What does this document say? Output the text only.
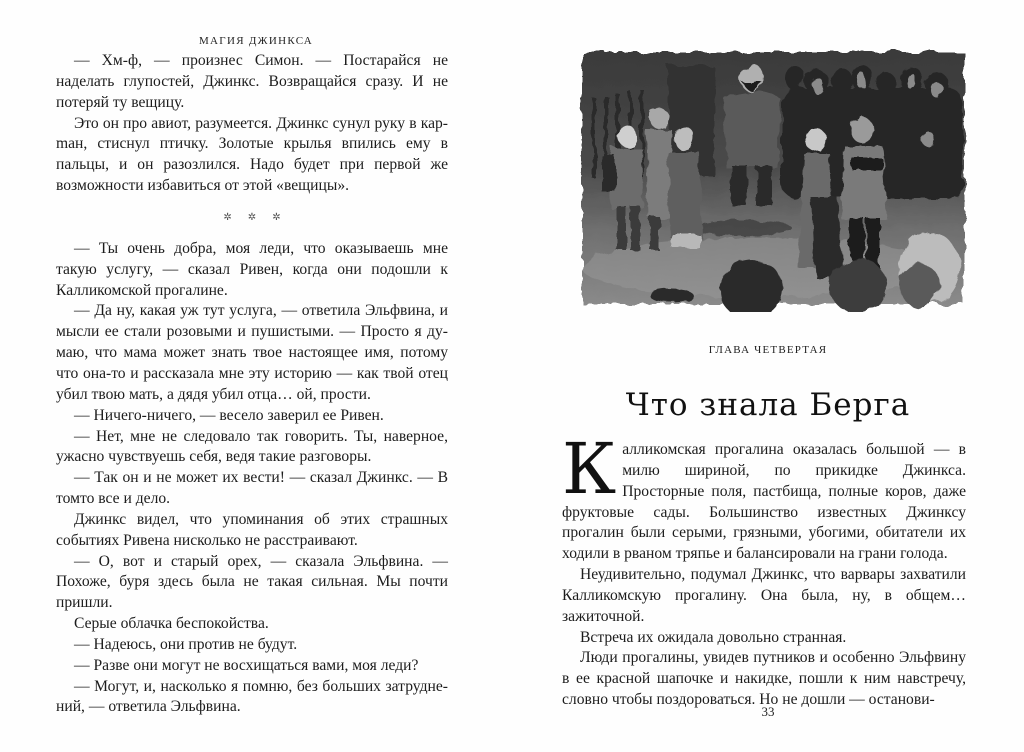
МАГИЯ ДЖИНКСА

— Хм-ф, — произнес Симон. — Постарайся не наделать глупостей, Джинкс. Возвращайся сразу. И не потеряй ту вещицу.

Это он про авиот, разумеется. Джинкс сунул руку в карmан, стиснул птичку. Золотые крылья впились ему в пальцы, и он разозлился. Надо будет при первой же возможности избавиться от этой «вещицы».

✲✲✲

— Ты очень добра, моя леди, что оказываешь мне такую услугу, — сказал Ривен, когда они подошли к Калликомской прогалине.

— Да ну, какая уж тут услуга, — ответила Эльфвина, и мысли ее стали розовыми и пушистыми. — Просто я думаю, что мама может знать твое настоящее имя, потому что она-то и рассказала мне эту историю — как твой отец убил твою мать, а дядя убил отца… ой, прости.

— Ничего-ничего, — весело заверил ее Ривен.

— Нет, мне не следовало так говорить. Ты, наверное, ужасно чувствуешь себя, ведя такие разговоры.

— Так он и не может их вести! — сказал Джинкс. — В томто все и дело.

Джинкс видел, что упоминания об этих страшных событиях Ривена нисколько не расстраивают.

— О, вот и старый орех, — сказала Эльфвина. — Похоже, буря здесь была не такая сильная. Мы почти пришли.

Серые облачка беспокойства.

— Надеюсь, они против не будут.

— Разве они могут не восхищаться вами, моя леди?

— Могут, и, насколько я помню, без больших затруднений, — ответила Эльфвина.

ГЛАВА ЧЕТВЕРТАЯ
Что знала Берга
К алликомская прогалина оказалась большой — в милю шириной, по прикидке Джинкса. Просторные поля, пастбища, полные коров, даже фруктовые сады. Большинство известных Джинксу прогалин были серыми, грязными, убогими, обитатели их ходили в рваном тряпье и балансировали на грани голода.

Неудивительно, подумал Джинкс, что варвары захватили Калликомскую прогалину. Она была, ну, в общем… зажиточной.

Встреча их ожидала довольно странная.

Люди прогалины, увидев путников и особенно Эльфвину в ее красной шапочке и накидке, пошли к ним навстречу, словно чтобы поздороваться. Но не дошли — останови-

33
